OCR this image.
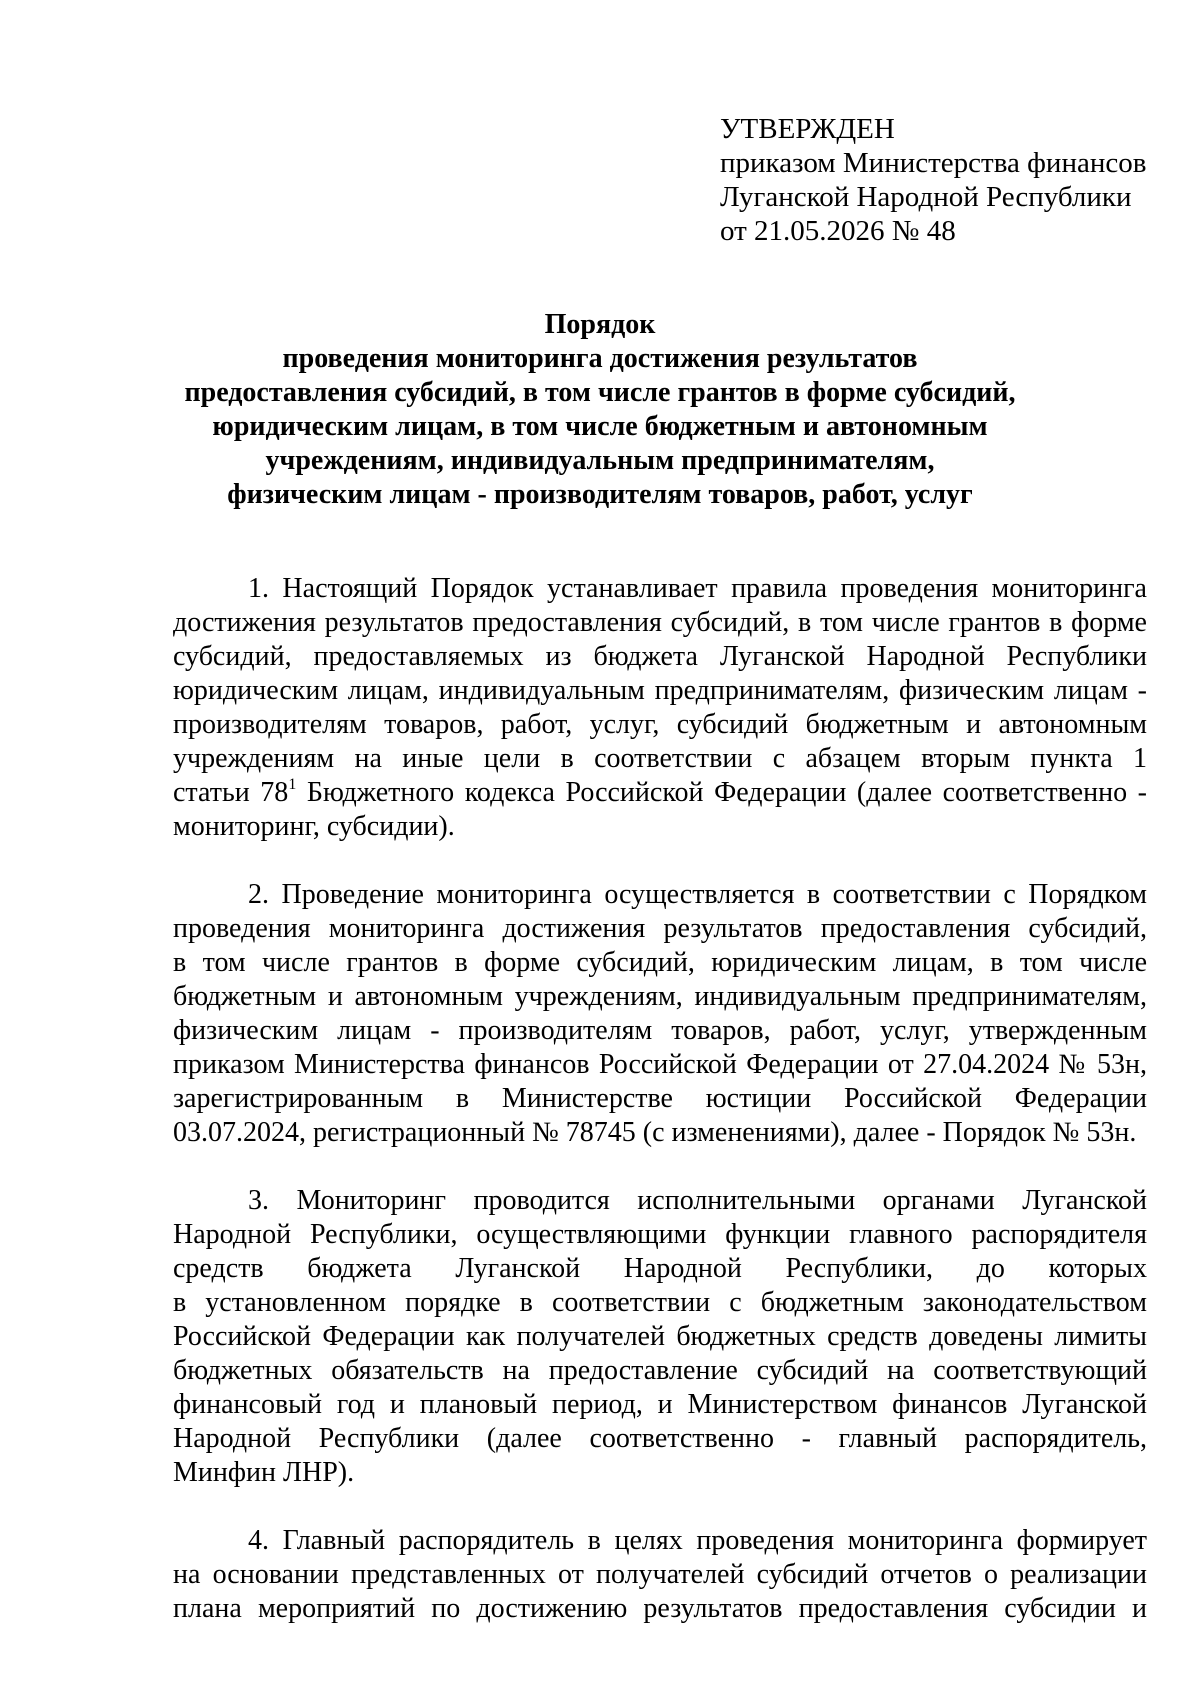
УТВЕРЖДЕН
приказом Министерства финансов
Луганской Народной Республики
от 21.05.2026 № 48
Порядок
проведения мониторинга достижения результатов
предоставления субсидий, в том числе грантов в форме субсидий,
юридическим лицам, в том числе бюджетным и автономным
учреждениям, индивидуальным предпринимателям,
физическим лицам - производителям товаров, работ, услуг
1. Настоящий Порядок устанавливает правила проведения мониторинга
достижения результатов предоставления субсидий, в том числе грантов в форме
субсидий, предоставляемых из бюджета Луганской Народной Республики
юридическим лицам, индивидуальным предпринимателям, физическим лицам -
производителям товаров, работ, услуг, субсидий бюджетным и автономным
учреждениям на иные цели в соответствии с абзацем вторым пункта 1
статьи $78^1$ Бюджетного кодекса Российской Федерации (далее соответственно -
мониторинг, субсидии).
2. Проведение мониторинга осуществляется в соответствии с Порядком
проведения мониторинга достижения результатов предоставления субсидий,
в том числе грантов в форме субсидий, юридическим лицам, в том числе
бюджетным и автономным учреждениям, индивидуальным предпринимателям,
физическим лицам - производителям товаров, работ, услуг, утвержденным
приказом Министерства финансов Российской Федерации от 27.04.2024 № 53н,
зарегистрированным в Министерстве юстиции Российской Федерации
03.07.2024, регистрационный № 78745 (с изменениями), далее - Порядок № 53н.
3. Мониторинг проводится исполнительными органами Луганской
Народной Республики, осуществляющими функции главного распорядителя
средств бюджета Луганской Народной Республики, до которых
в установленном порядке в соответствии с бюджетным законодательством
Российской Федерации как получателей бюджетных средств доведены лимиты
бюджетных обязательств на предоставление субсидий на соответствующий
финансовый год и плановый период, и Министерством финансов Луганской
Народной Республики (далее соответственно - главный распорядитель,
Минфин ЛНР).
4. Главный распорядитель в целях проведения мониторинга формирует
на основании представленных от получателей субсидий отчетов о реализации
плана мероприятий по достижению результатов предоставления субсидии и
